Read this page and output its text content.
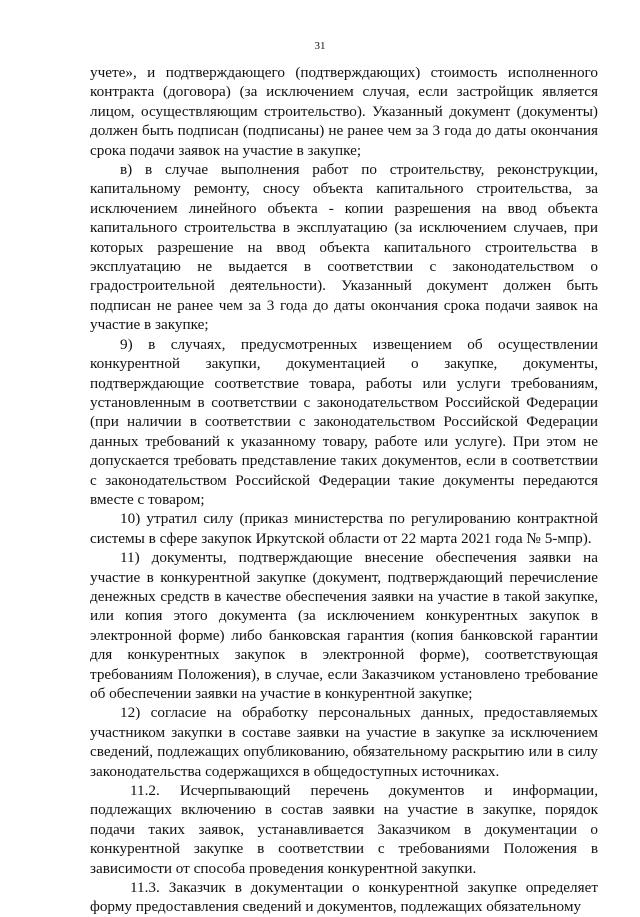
31

учете», и подтверждающего (подтверждающих) стоимость исполненного контракта (договора) (за исключением случая, если застройщик является лицом, осуществляющим строительство). Указанный документ (документы) должен быть подписан (подписаны) не ранее чем за 3 года до даты окончания срока подачи заявок на участие в закупке;

в) в случае выполнения работ по строительству, реконструкции, капитальному ремонту, сносу объекта капитального строительства, за исключением линейного объекта - копии разрешения на ввод объекта капитального строительства в эксплуатацию (за исключением случаев, при которых разрешение на ввод объекта капитального строительства в эксплуатацию не выдается в соответствии с законодательством о градостроительной деятельности). Указанный документ должен быть подписан не ранее чем за 3 года до даты окончания срока подачи заявок на участие в закупке;

9) в случаях, предусмотренных извещением об осуществлении конкурентной закупки, документацией о закупке, документы, подтверждающие соответствие товара, работы или услуги требованиям, установленным в соответствии с законодательством Российской Федерации (при наличии в соответствии с законодательством Российской Федерации данных требований к указанному товару, работе или услуге). При этом не допускается требовать представление таких документов, если в соответствии с законодательством Российской Федерации такие документы передаются вместе с товаром;

10) утратил силу (приказ министерства по регулированию контрактной системы в сфере закупок Иркутской области от 22 марта 2021 года № 5-мпр).

11) документы, подтверждающие внесение обеспечения заявки на участие в конкурентной закупке (документ, подтверждающий перечисление денежных средств в качестве обеспечения заявки на участие в такой закупке, или копия этого документа (за исключением конкурентных закупок в электронной форме) либо банковская гарантия (копия банковской гарантии для конкурентных закупок в электронной форме), соответствующая требованиям Положения), в случае, если Заказчиком установлено требование об обеспечении заявки на участие в конкурентной закупке;

12) согласие на обработку персональных данных, предоставляемых участником закупки в составе заявки на участие в закупке за исключением сведений, подлежащих опубликованию, обязательному раскрытию или в силу законодательства содержащихся в общедоступных источниках.

11.2. Исчерпывающий перечень документов и информации, подлежащих включению в состав заявки на участие в закупке, порядок подачи таких заявок, устанавливается Заказчиком в документации о конкурентной закупке в соответствии с требованиями Положения в зависимости от способа проведения конкурентной закупки.

11.3. Заказчик в документации о конкурентной закупке определяет форму предоставления сведений и документов, подлежащих обязательному
